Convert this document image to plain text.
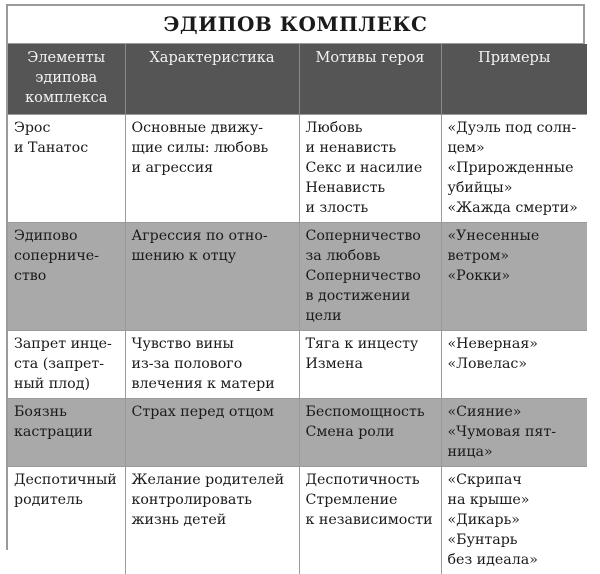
ЭДИПОВ КОМПЛЕКС
Элементы
эдипова
комплекса	Характеристика	Мотивы героя	Примеры
Эрос
и Танатос	Основные движу-
щие силы: любовь
и агрессия	Любовь
и ненависть
Секс и насилие
Ненависть
и злость	«Дуэль под солн-
цем»
«Прирожденные
убийцы»
«Жажда смерти»
Эдипово
соперниче-
ство	Агрессия по отно-
шению к отцу	Соперничество
за любовь
Соперничество
в достижении
цели	«Унесенные
ветром»
«Рокки»
Запрет инце-
ста (запрет-
ный плод)	Чувство вины
из-за полового
влечения к матери	Тяга к инцесту
Измена	«Неверная»
«Ловелас»
Боязнь
кастрации	Страх перед отцом	Беспомощность
Смена роли	«Сияние»
«Чумовая пят-
ница»
Деспотичный
родитель	Желание родителей
контролировать
жизнь детей	Деспотичность
Стремление
к независимости	«Скрипач
на крыше»
«Дикарь»
«Бунтарь
без идеала»
